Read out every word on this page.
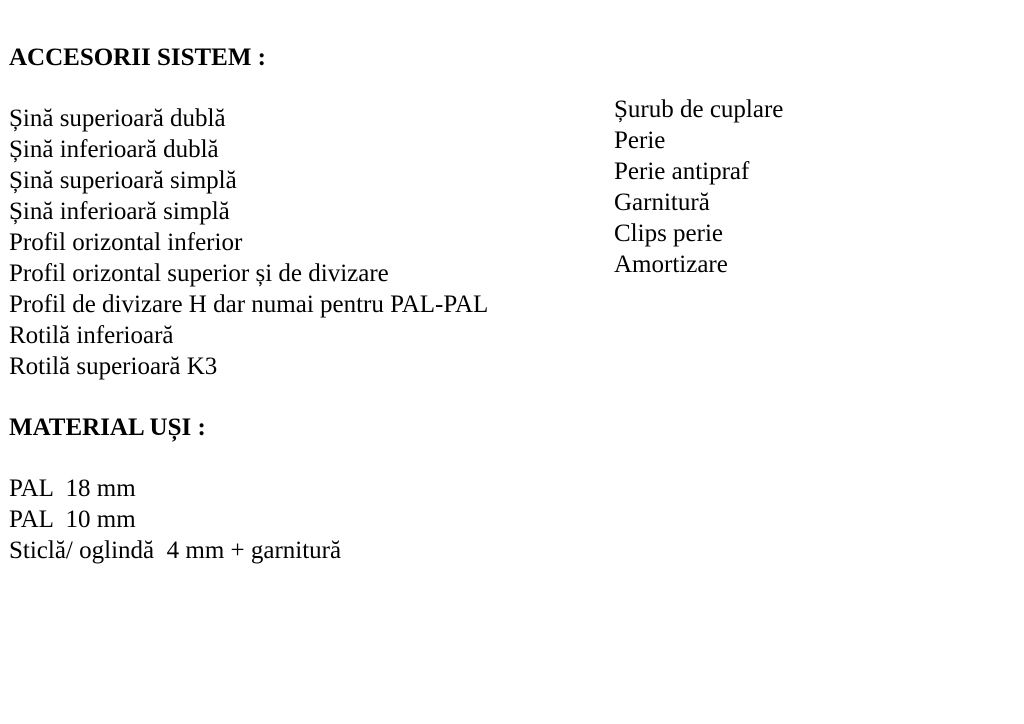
ACCESORII SISTEM :
Șină superioară dublă
Șină inferioară dublă
Șină superioară simplă
Șină inferioară simplă
Profil orizontal inferior
Profil orizontal superior și de divizare
Profil de divizare H dar numai pentru PAL-PAL
Rotilă inferioară
Rotilă superioară K3
Șurub de cuplare
Perie
Perie antipraf
Garnitură
Clips perie
Amortizare
MATERIAL UȘI :
PAL  18 mm
PAL  10 mm
Sticlă/ oglindă  4 mm + garnitură
